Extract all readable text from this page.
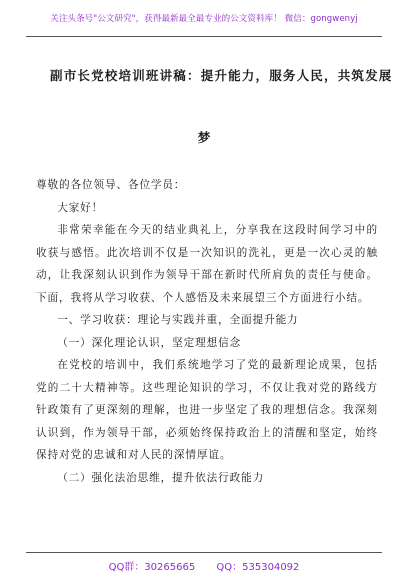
关注头条号"公文研究"，获得最新最全最专业的公文资料库！ 微信：gongwenyj
副市长党校培训班讲稿：提升能力，服务人民，共筑发展
梦

尊敬的各位领导、各位学员：

大家好！

非常荣幸能在今天的结业典礼上，分享我在这段时间学习中的收获与感悟。此次培训不仅是一次知识的洗礼，更是一次心灵的触动，让我深刻认识到作为领导干部在新时代所肩负的责任与使命。下面，我将从学习收获、个人感悟及未来展望三个方面进行小结。

一、学习收获：理论与实践并重，全面提升能力

（一）深化理论认识，坚定理想信念

在党校的培训中，我们系统地学习了党的最新理论成果，包括党的二十大精神等。这些理论知识的学习，不仅让我对党的路线方针政策有了更深刻的理解，也进一步坚定了我的理想信念。我深刻认识到，作为领导干部，必须始终保持政治上的清醒和坚定，始终保持对党的忠诚和对人民的深情厚谊。

（二）强化法治思维，提升依法行政能力

QQ群：30265665 QQ：535304092
